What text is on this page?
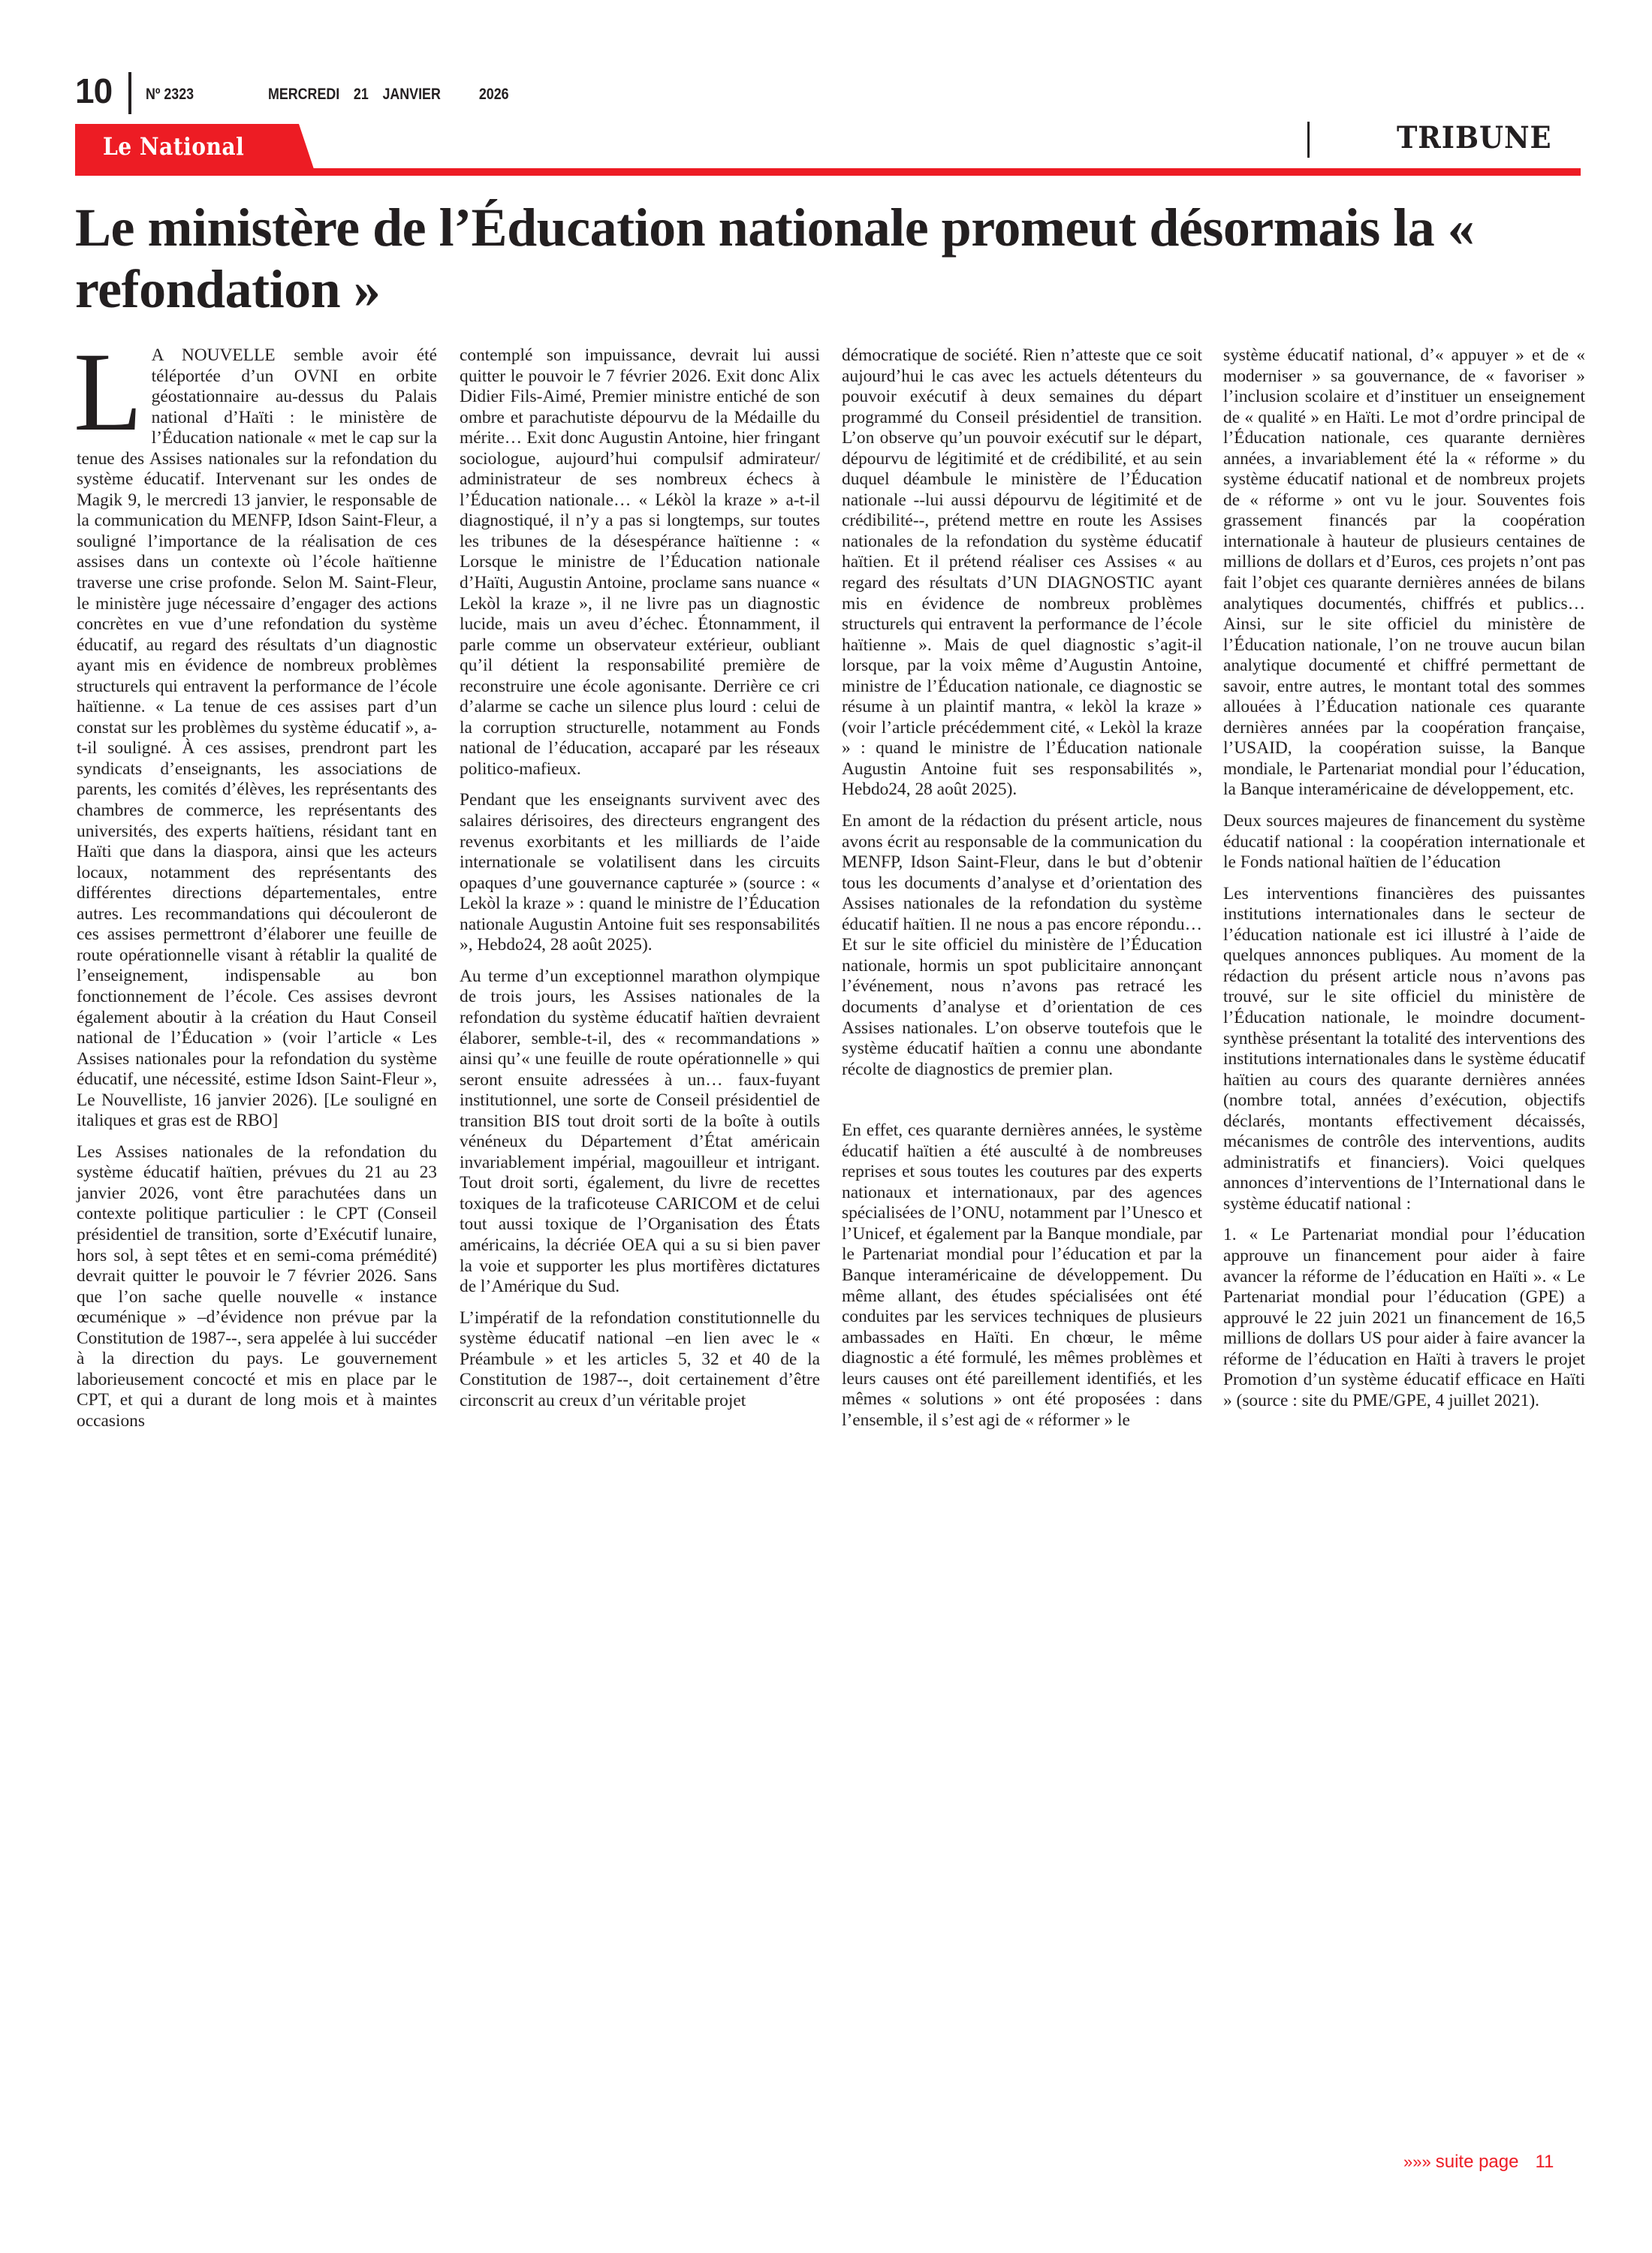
10 Nº 2323	MERCREDI 21 JANVIER 2026
Le National	TRIBUNE
Le ministère de l’Éducation nationale promeut désormais la « refondation »

L A NOUVELLE semble avoir été téléportée d’un OVNI en orbite géostationnaire au-dessus du Palais national d’Haïti : le ministère de l’Éducation nationale « met le cap sur la tenue des Assises nationales sur la refondation du système éducatif. Intervenant sur les ondes de Magik 9, le mercredi 13 janvier, le responsable de la communication du MENFP, Idson Saint-Fleur, a souligné l’importance de la réalisation de ces assises dans un contexte où l’école haïtienne traverse une crise profonde. Selon M. Saint-Fleur, le ministère juge nécessaire d’engager des actions concrètes en vue d’une refondation du système éducatif, au regard des résultats d’un diagnostic ayant mis en évidence de nombreux problèmes structurels qui entravent la performance de l’école haïtienne. « La tenue de ces assises part d’un constat sur les problèmes du système éducatif », a-t-il souligné. À ces assises, prendront part les syndicats d’enseignants, les associations de parents, les comités d’élèves, les représentants des chambres de commerce, les représentants des universités, des experts haïtiens, résidant tant en Haïti que dans la diaspora, ainsi que les acteurs locaux, notamment des représentants des différentes directions départementales, entre autres. Les recommandations qui découleront de ces assises permettront d’élaborer une feuille de route opérationnelle visant à rétablir la qualité de l’enseignement, indispensable au bon fonctionnement de l’école. Ces assises devront également aboutir à la création du Haut Conseil national de l’Éducation » (voir l’article « Les Assises nationales pour la refondation du système éducatif, une nécessité, estime Idson Saint-Fleur », Le Nouvelliste, 16 janvier 2026). [Le souligné en italiques et gras est de RBO]

Les Assises nationales de la refondation du système éducatif haïtien, prévues du 21 au 23 janvier 2026, vont être parachutées dans un contexte politique particulier : le CPT (Conseil présidentiel de transition, sorte d’Exécutif lunaire, hors sol, à sept têtes et en semi-coma prémédité) devrait quitter le pouvoir le 7 février 2026. Sans que l’on sache quelle nouvelle « instance œcuménique » –d’évidence non prévue par la Constitution de 1987--, sera appelée à lui succéder à la direction du pays. Le gouvernement laborieusement concocté et mis en place par le CPT, et qui a durant de long mois et à maintes occasions

contemplé son impuissance, devrait lui aussi quitter le pouvoir le 7 février 2026. Exit donc Alix Didier Fils-Aimé, Premier ministre entiché de son ombre et parachutiste dépourvu de la Médaille du mérite… Exit donc Augustin Antoine, hier fringant sociologue, aujourd’hui compulsif admirateur/ administrateur de ses nombreux échecs à l’Éducation nationale… « Lékòl la kraze » a-t-il diagnostiqué, il n’y a pas si longtemps, sur toutes les tribunes de la désespérance haïtienne : « Lorsque le ministre de l’Éducation nationale d’Haïti, Augustin Antoine, proclame sans nuance « Lekòl la kraze », il ne livre pas un diagnostic lucide, mais un aveu d’échec. Étonnamment, il parle comme un observateur extérieur, oubliant qu’il détient la responsabilité première de reconstruire une école agonisante. Derrière ce cri d’alarme se cache un silence plus lourd : celui de la corruption structurelle, notamment au Fonds national de l’éducation, accaparé par les réseaux politico-mafieux.

Pendant que les enseignants survivent avec des salaires dérisoires, des directeurs engrangent des revenus exorbitants et les milliards de l’aide internationale se volatilisent dans les circuits opaques d’une gouvernance capturée » (source : « Lekòl la kraze » : quand le ministre de l’Éducation nationale Augustin Antoine fuit ses responsabilités », Hebdo24, 28 août 2025).

Au terme d’un exceptionnel marathon olympique de trois jours, les Assises nationales de la refondation du système éducatif haïtien devraient élaborer, semble-t-il, des « recommandations » ainsi qu’« une feuille de route opérationnelle » qui seront ensuite adressées à un… faux-fuyant institutionnel, une sorte de Conseil présidentiel de transition BIS tout droit sorti de la boîte à outils vénéneux du Département d’État américain invariablement impérial, magouilleur et intrigant. Tout droit sorti, également, du livre de recettes toxiques de la traficoteuse CARICOM et de celui tout aussi toxique de l’Organisation des États américains, la décriée OEA qui a su si bien paver la voie et supporter les plus mortifères dictatures de l’Amérique du Sud.

L’impératif de la refondation constitutionnelle du système éducatif national –en lien avec le « Préambule » et les articles 5, 32 et 40 de la Constitution de 1987--, doit certainement d’être circonscrit au creux d’un véritable projet

démocratique de société. Rien n’atteste que ce soit aujourd’hui le cas avec les actuels détenteurs du pouvoir exécutif à deux semaines du départ programmé du Conseil présidentiel de transition. L’on observe qu’un pouvoir exécutif sur le départ, dépourvu de légitimité et de crédibilité, et au sein duquel déambule le ministère de l’Éducation nationale --lui aussi dépourvu de légitimité et de crédibilité--, prétend mettre en route les Assises nationales de la refondation du système éducatif haïtien. Et il prétend réaliser ces Assises « au regard des résultats d’UN DIAGNOSTIC ayant mis en évidence de nombreux problèmes structurels qui entravent la performance de l’école haïtienne ». Mais de quel diagnostic s’agit-il lorsque, par la voix même d’Augustin Antoine, ministre de l’Éducation nationale, ce diagnostic se résume à un plaintif mantra, « lekòl la kraze » (voir l’article précédemment cité, « Lekòl la kraze » : quand le ministre de l’Éducation nationale Augustin Antoine fuit ses responsabilités », Hebdo24, 28 août 2025).

En amont de la rédaction du présent article, nous avons écrit au responsable de la communication du MENFP, Idson Saint-Fleur, dans le but d’obtenir tous les documents d’analyse et d’orientation des Assises nationales de la refondation du système éducatif haïtien. Il ne nous a pas encore répondu… Et sur le site officiel du ministère de l’Éducation nationale, hormis un spot publicitaire annonçant l’événement, nous n’avons pas retracé les documents d’analyse et d’orientation de ces Assises nationales. L’on observe toutefois que le système éducatif haïtien a connu une abondante récolte de diagnostics de premier plan.

En effet, ces quarante dernières années, le système éducatif haïtien a été ausculté à de nombreuses reprises et sous toutes les coutures par des experts nationaux et internationaux, par des agences spécialisées de l’ONU, notamment par l’Unesco et l’Unicef, et également par la Banque mondiale, par le Partenariat mondial pour l’éducation et par la Banque interaméricaine de développement. Du même allant, des études spécialisées ont été conduites par les services techniques de plusieurs ambassades en Haïti. En chœur, le même diagnostic a été formulé, les mêmes problèmes et leurs causes ont été pareillement identifiés, et les mêmes « solutions » ont été proposées : dans l’ensemble, il s’est agi de « réformer » le

système éducatif national, d’« appuyer » et de « moderniser » sa gouvernance, de « favoriser » l’inclusion scolaire et d’instituer un enseignement de « qualité » en Haïti. Le mot d’ordre principal de l’Éducation nationale, ces quarante dernières années, a invariablement été la « réforme » du système éducatif national et de nombreux projets de « réforme » ont vu le jour. Souventes fois grassement financés par la coopération internationale à hauteur de plusieurs centaines de millions de dollars et d’Euros, ces projets n’ont pas fait l’objet ces quarante dernières années de bilans analytiques documentés, chiffrés et publics… Ainsi, sur le site officiel du ministère de l’Éducation nationale, l’on ne trouve aucun bilan analytique documenté et chiffré permettant de savoir, entre autres, le montant total des sommes allouées à l’Éducation nationale ces quarante dernières années par la coopération française, l’USAID, la coopération suisse, la Banque mondiale, le Partenariat mondial pour l’éducation, la Banque interaméricaine de développement, etc.

Deux sources majeures de financement du système éducatif national : la coopération internationale et le Fonds national haïtien de l’éducation

Les interventions financières des puissantes institutions internationales dans le secteur de l’éducation nationale est ici illustré à l’aide de quelques annonces publiques. Au moment de la rédaction du présent article nous n’avons pas trouvé, sur le site officiel du ministère de l’Éducation nationale, le moindre document-synthèse présentant la totalité des interventions des institutions internationales dans le système éducatif haïtien au cours des quarante dernières années (nombre total, années d’exécution, objectifs déclarés, montants effectivement décaissés, mécanismes de contrôle des interventions, audits administratifs et financiers). Voici quelques annonces d’interventions de l’International dans le système éducatif national :

1. « Le Partenariat mondial pour l’éducation approuve un financement pour aider à faire avancer la réforme de l’éducation en Haïti ». « Le Partenariat mondial pour l’éducation (GPE) a approuvé le 22 juin 2021 un financement de 16,5 millions de dollars US pour aider à faire avancer la réforme de l’éducation en Haïti à travers le projet Promotion d’un système éducatif efficace en Haïti » (source : site du PME/GPE, 4 juillet 2021).

»»» suite page 11
